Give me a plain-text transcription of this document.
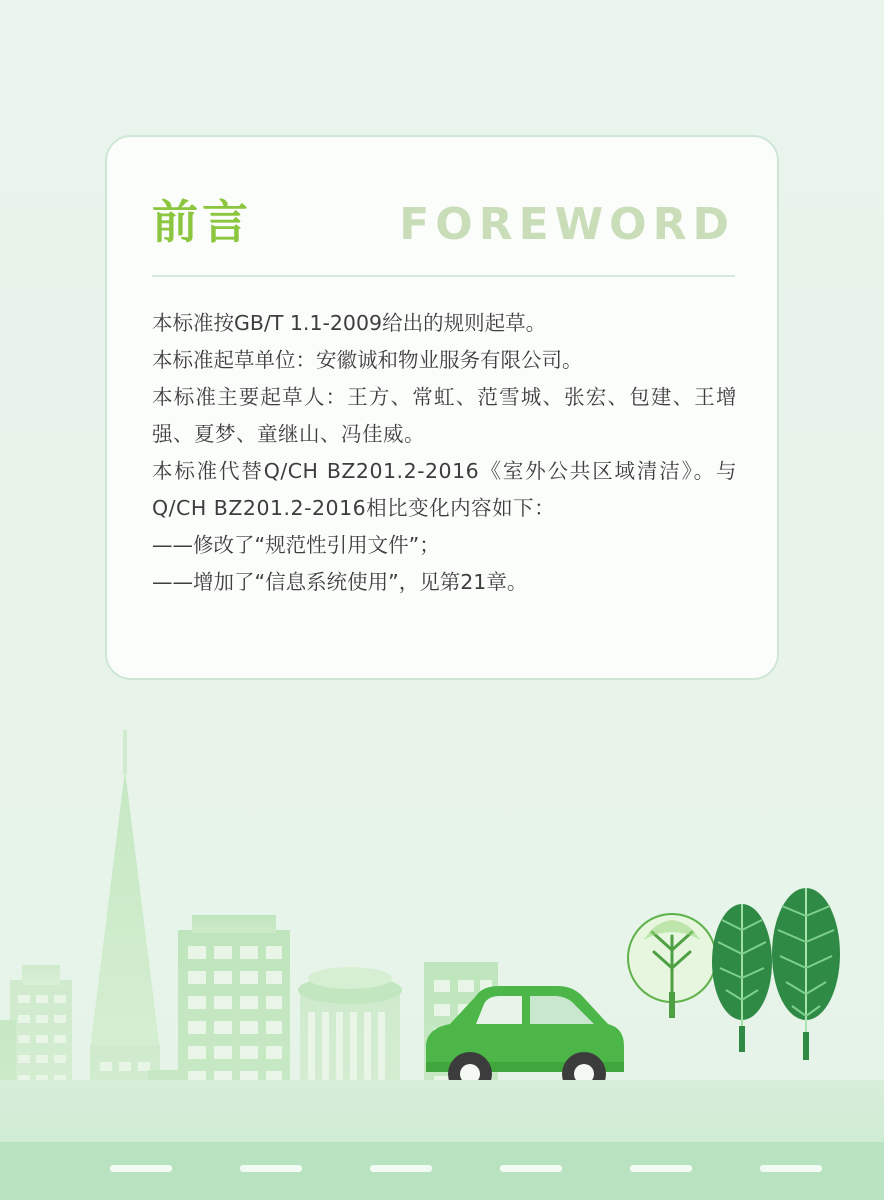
前言	FOREWORD

本标准按GB/T 1.1-2009给出的规则起草。

本标准起草单位：安徽诚和物业服务有限公司。

本标准主要起草人：王方、常虹、范雪城、张宏、包建、王增强、夏梦、童继山、冯佳威。

本标准代替Q/CH BZ201.2-2016《室外公共区域清洁》。与Q/CH BZ201.2-2016相比变化内容如下：

——修改了“规范性引用文件”；

——增加了“信息系统使用”，见第21章。
